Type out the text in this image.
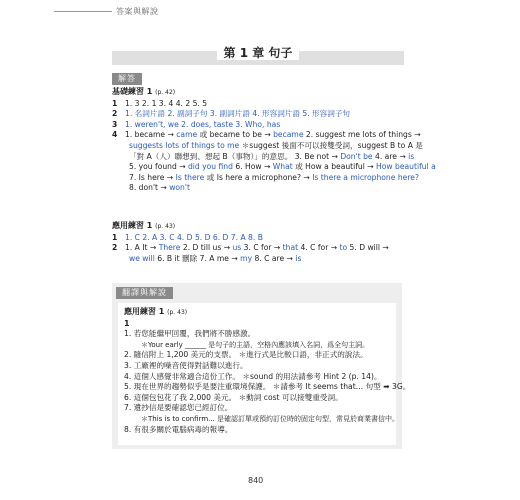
答案與解說
第 1 章 句子
解答
基礎練習 1 (p. 42)
1 1. 3 2. 1 3. 4 4. 2 5. 5
2 1. 名詞片語 2. 副詞子句 3. 副詞片語 4. 形容詞片語 5. 形容詞子句
3 1. weren't, we 2. does, taste 3. Who, has
4 1. became → came 或 became to be → became 2. suggest me lots of things →
suggests lots of things to me ＊suggest 後面不可以接雙受詞，suggest B to A 是
「對 A（人）聯想到、想起 B（事物）」的意思。 3. Be not → Don't be 4. are → is
5. you found → did you find 6. How → What 或 How a beautiful → How beautiful a
7. Is here → Is there 或 Is here a microphone? → Is there a microphone here?
8. don't → won't
應用練習 1 (p. 43)
1 1. C 2. A 3. C 4. D 5. D 6. D 7. A 8. B
2 1. A It → There 2. D till us → us 3. C for → that 4. C for → to 5. D will →
we will 6. B it 刪除 7. A me → my 8. C are → is
翻譯與解說
應用練習 1 (p. 43)
1
1. 若您能繼甲回覆，我們將不勝感激。
＊Your early ______ 是句子的主語，空格內應該填入名詞，爲全句主詞。
2. 隨信附上 1,200 美元的支票。 ＊進行式是比較口語，非正式的說法。
3. 工廠裡的噪音使得對話難以進行。
4. 這個人感覺非常適合這份工作。 ＊sound 的用法請參考 Hint 2 (p. 14)。
5. 現在世界的趨勢似乎是要注重環境保護。 ＊請參考 It seems that… 句型 ➡ 3G。
6. 這個包包花了我 2,000 美元。 ＊動詞 cost 可以接雙重受詞。
7. 遺抄信是要確認您已經訂位。
＊This is to confirm... 是確認訂單或預約訂位時的固定句型，常見於商業書信中。
8. 有很多關於電腦病毒的報導。
840
